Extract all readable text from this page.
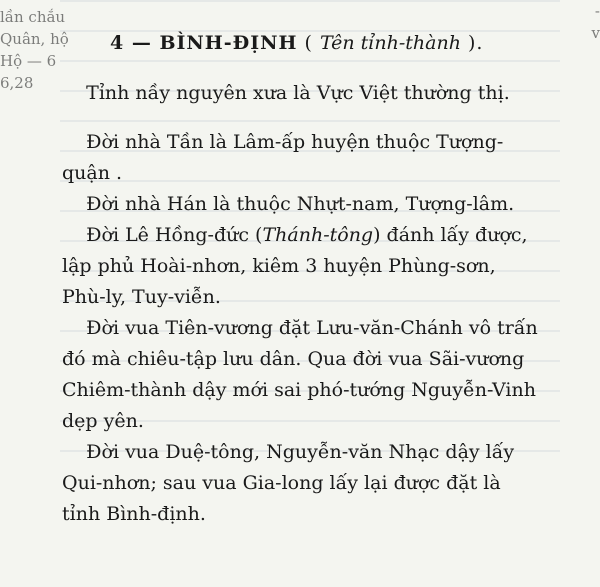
lần chắu
Quân, hộ
Hộ — 6
6,28
-
v
4 — BÌNH-ĐỊNH ( Tên tỉnh-thành ).

Tỉnh nầy nguyên xưa là Vực Việt thường thị.

Đời nhà Tần là Lâm-ấp huyện thuộc Tượng-
quận .

Đời nhà Hán là thuộc Nhựt-nam, Tượng-lâm.

Đời Lê Hồng-đức (Thánh-tông) đánh lấy được,
lập phủ Hoài-nhơn, kiêm 3 huyện Phùng-sơn,
Phù-ly, Tuy-viễn.

Đời vua Tiên-vương đặt Lưu-văn-Chánh vô trấn
đó mà chiêu-tập lưu dân. Qua đời vua Sãi-vương
Chiêm-thành dậy mới sai phó-tướng Nguyễn-Vinh
dẹp yên.

Đời vua Duệ-tông, Nguyễn-văn Nhạc dậy lấy
Qui-nhơn; sau vua Gia-long lấy lại được đặt là
tỉnh Bình-định.
